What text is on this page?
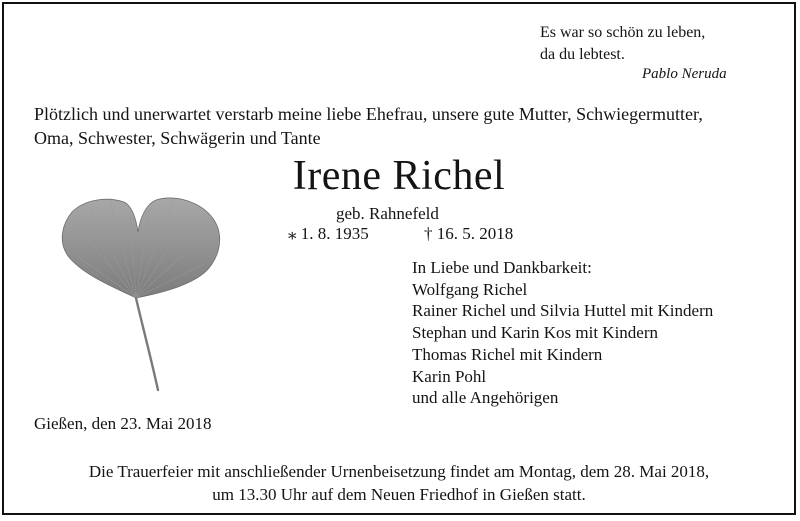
Es war so schön zu leben,
da du lebtest.
Pablo Neruda
Plötzlich und unerwartet verstarb meine liebe Ehefrau, unsere gute Mutter, Schwiegermutter,
Oma, Schwester, Schwägerin und Tante
Irene Richel
geb. Rahnefeld
⁎ 1. 8. 1935	† 16. 5. 2018
In Liebe und Dankbarkeit:
Wolfgang Richel
Rainer Richel und Silvia Huttel mit Kindern
Stephan und Karin Kos mit Kindern
Thomas Richel mit Kindern
Karin Pohl
und alle Angehörigen
Gießen, den 23. Mai 2018
Die Trauerfeier mit anschließender Urnenbeisetzung findet am Montag, dem 28. Mai 2018,
um 13.30 Uhr auf dem Neuen Friedhof in Gießen statt.
